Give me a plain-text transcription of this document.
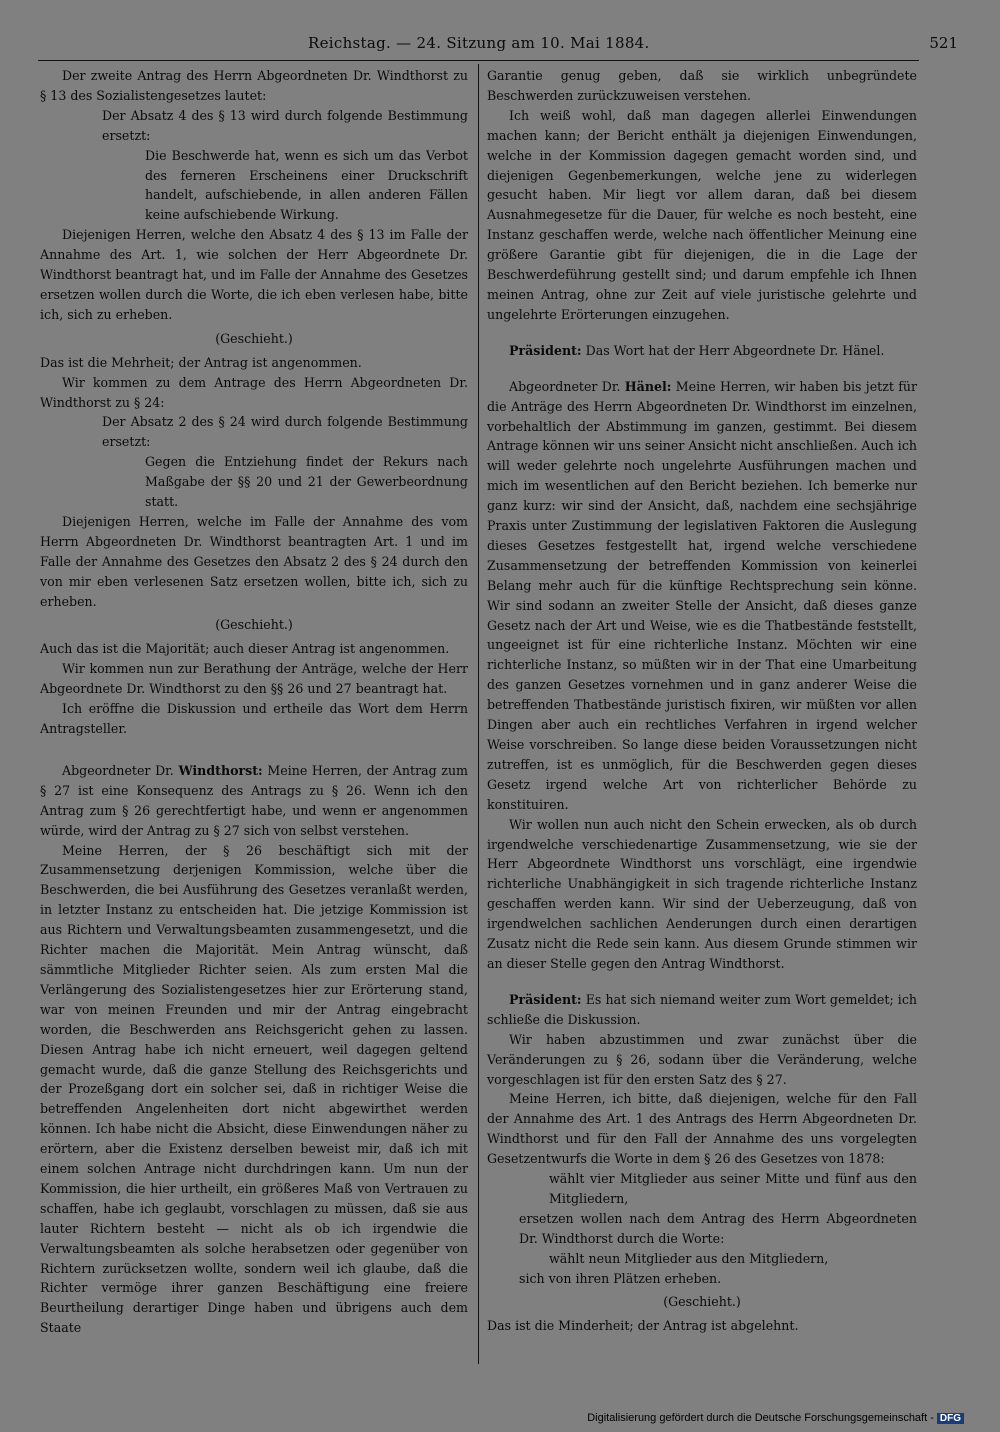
Reichstag. — 24. Sitzung am 10. Mai 1884.	521

Der zweite Antrag des Herrn Abgeordneten Dr. Windthorst zu § 13 des Sozialistengesetzes lautet:

Der Absatz 4 des § 13 wird durch folgende Bestimmung ersetzt:

Die Beschwerde hat, wenn es sich um das Verbot des ferneren Erscheinens einer Druckschrift handelt, aufschiebende, in allen anderen Fällen keine aufschiebende Wirkung.

Diejenigen Herren, welche den Absatz 4 des § 13 im Falle der Annahme des Art. 1, wie solchen der Herr Abgeordnete Dr. Windthorst beantragt hat, und im Falle der Annahme des Gesetzes ersetzen wollen durch die Worte, die ich eben verlesen habe, bitte ich, sich zu erheben.

(Geschieht.)

Das ist die Mehrheit; der Antrag ist angenommen.

Wir kommen zu dem Antrage des Herrn Abgeordneten Dr. Windthorst zu § 24:

Der Absatz 2 des § 24 wird durch folgende Bestimmung ersetzt:

Gegen die Entziehung findet der Rekurs nach Maßgabe der §§ 20 und 21 der Gewerbeordnung statt.

Diejenigen Herren, welche im Falle der Annahme des vom Herrn Abgeordneten Dr. Windthorst beantragten Art. 1 und im Falle der Annahme des Gesetzes den Absatz 2 des § 24 durch den von mir eben verlesenen Satz ersetzen wollen, bitte ich, sich zu erheben.

(Geschieht.)

Auch das ist die Majorität; auch dieser Antrag ist angenommen.

Wir kommen nun zur Berathung der Anträge, welche der Herr Abgeordnete Dr. Windthorst zu den §§ 26 und 27 beantragt hat.

Ich eröffne die Diskussion und ertheile das Wort dem Herrn Antragsteller.

Abgeordneter Dr. Windthorst: Meine Herren, der Antrag zum § 27 ist eine Konsequenz des Antrags zu § 26. Wenn ich den Antrag zum § 26 gerechtfertigt habe, und wenn er angenommen würde, wird der Antrag zu § 27 sich von selbst verstehen.

Meine Herren, der § 26 beschäftigt sich mit der Zusammensetzung derjenigen Kommission, welche über die Beschwerden, die bei Ausführung des Gesetzes veranlaßt werden, in letzter Instanz zu entscheiden hat. Die jetzige Kommission ist aus Richtern und Verwaltungsbeamten zusammengesetzt, und die Richter machen die Majorität. Mein Antrag wünscht, daß sämmtliche Mitglieder Richter seien. Als zum ersten Mal die Verlängerung des Sozialistengesetzes hier zur Erörterung stand, war von meinen Freunden und mir der Antrag eingebracht worden, die Beschwerden ans Reichsgericht gehen zu lassen. Diesen Antrag habe ich nicht erneuert, weil dagegen geltend gemacht wurde, daß die ganze Stellung des Reichsgerichts und der Prozeßgang dort ein solcher sei, daß in richtiger Weise die betreffenden Angelenheiten dort nicht abgewirthet werden können. Ich habe nicht die Absicht, diese Einwendungen näher zu erörtern, aber die Existenz derselben beweist mir, daß ich mit einem solchen Antrage nicht durchdringen kann. Um nun der Kommission, die hier urtheilt, ein größeres Maß von Vertrauen zu schaffen, habe ich geglaubt, vorschlagen zu müssen, daß sie aus lauter Richtern besteht — nicht als ob ich irgendwie die Verwaltungsbeamten als solche herabsetzen oder gegenüber von Richtern zurücksetzen wollte, sondern weil ich glaube, daß die Richter vermöge ihrer ganzen Beschäftigung eine freiere Beurtheilung derartiger Dinge haben und übrigens auch dem Staate

Garantie genug geben, daß sie wirklich unbegründete Beschwerden zurückzuweisen verstehen.

Ich weiß wohl, daß man dagegen allerlei Einwendungen machen kann; der Bericht enthält ja diejenigen Einwendungen, welche in der Kommission dagegen gemacht worden sind, und diejenigen Gegenbemerkungen, welche jene zu widerlegen gesucht haben. Mir liegt vor allem daran, daß bei diesem Ausnahmegesetze für die Dauer, für welche es noch besteht, eine Instanz geschaffen werde, welche nach öffentlicher Meinung eine größere Garantie gibt für diejenigen, die in die Lage der Beschwerdeführung gestellt sind; und darum empfehle ich Ihnen meinen Antrag, ohne zur Zeit auf viele juristische gelehrte und ungelehrte Erörterungen einzugehen.

Präsident: Das Wort hat der Herr Abgeordnete Dr. Hänel.

Abgeordneter Dr. Hänel: Meine Herren, wir haben bis jetzt für die Anträge des Herrn Abgeordneten Dr. Windthorst im einzelnen, vorbehaltlich der Abstimmung im ganzen, gestimmt. Bei diesem Antrage können wir uns seiner Ansicht nicht anschließen. Auch ich will weder gelehrte noch ungelehrte Ausführungen machen und mich im wesentlichen auf den Bericht beziehen. Ich bemerke nur ganz kurz: wir sind der Ansicht, daß, nachdem eine sechsjährige Praxis unter Zustimmung der legislativen Faktoren die Auslegung dieses Gesetzes festgestellt hat, irgend welche verschiedene Zusammensetzung der betreffenden Kommission von keinerlei Belang mehr auch für die künftige Rechtsprechung sein könne. Wir sind sodann an zweiter Stelle der Ansicht, daß dieses ganze Gesetz nach der Art und Weise, wie es die Thatbestände feststellt, ungeeignet ist für eine richterliche Instanz. Möchten wir eine richterliche Instanz, so müßten wir in der That eine Umarbeitung des ganzen Gesetzes vornehmen und in ganz anderer Weise die betreffenden Thatbestände juristisch fixiren, wir müßten vor allen Dingen aber auch ein rechtliches Verfahren in irgend welcher Weise vorschreiben. So lange diese beiden Voraussetzungen nicht zutreffen, ist es unmöglich, für die Beschwerden gegen dieses Gesetz irgend welche Art von richterlicher Behörde zu konstituiren.

Wir wollen nun auch nicht den Schein erwecken, als ob durch irgendwelche verschiedenartige Zusammensetzung, wie sie der Herr Abgeordnete Windthorst uns vorschlägt, eine irgendwie richterliche Unabhängigkeit in sich tragende richterliche Instanz geschaffen werden kann. Wir sind der Ueberzeugung, daß von irgendwelchen sachlichen Aenderungen durch einen derartigen Zusatz nicht die Rede sein kann. Aus diesem Grunde stimmen wir an dieser Stelle gegen den Antrag Windthorst.

Präsident: Es hat sich niemand weiter zum Wort gemeldet; ich schließe die Diskussion.

Wir haben abzustimmen und zwar zunächst über die Veränderungen zu § 26, sodann über die Veränderung, welche vorgeschlagen ist für den ersten Satz des § 27.

Meine Herren, ich bitte, daß diejenigen, welche für den Fall der Annahme des Art. 1 des Antrags des Herrn Abgeordneten Dr. Windthorst und für den Fall der Annahme des uns vorgelegten Gesetzentwurfs die Worte in dem § 26 des Gesetzes von 1878:

wählt vier Mitglieder aus seiner Mitte und fünf aus den Mitgliedern,

ersetzen wollen nach dem Antrag des Herrn Abgeordneten Dr. Windthorst durch die Worte:

wählt neun Mitglieder aus den Mitgliedern,

sich von ihren Plätzen erheben.

(Geschieht.)

Das ist die Minderheit; der Antrag ist abgelehnt.

Digitalisierung gefördert durch die Deutsche Forschungsgemeinschaft - DFG
